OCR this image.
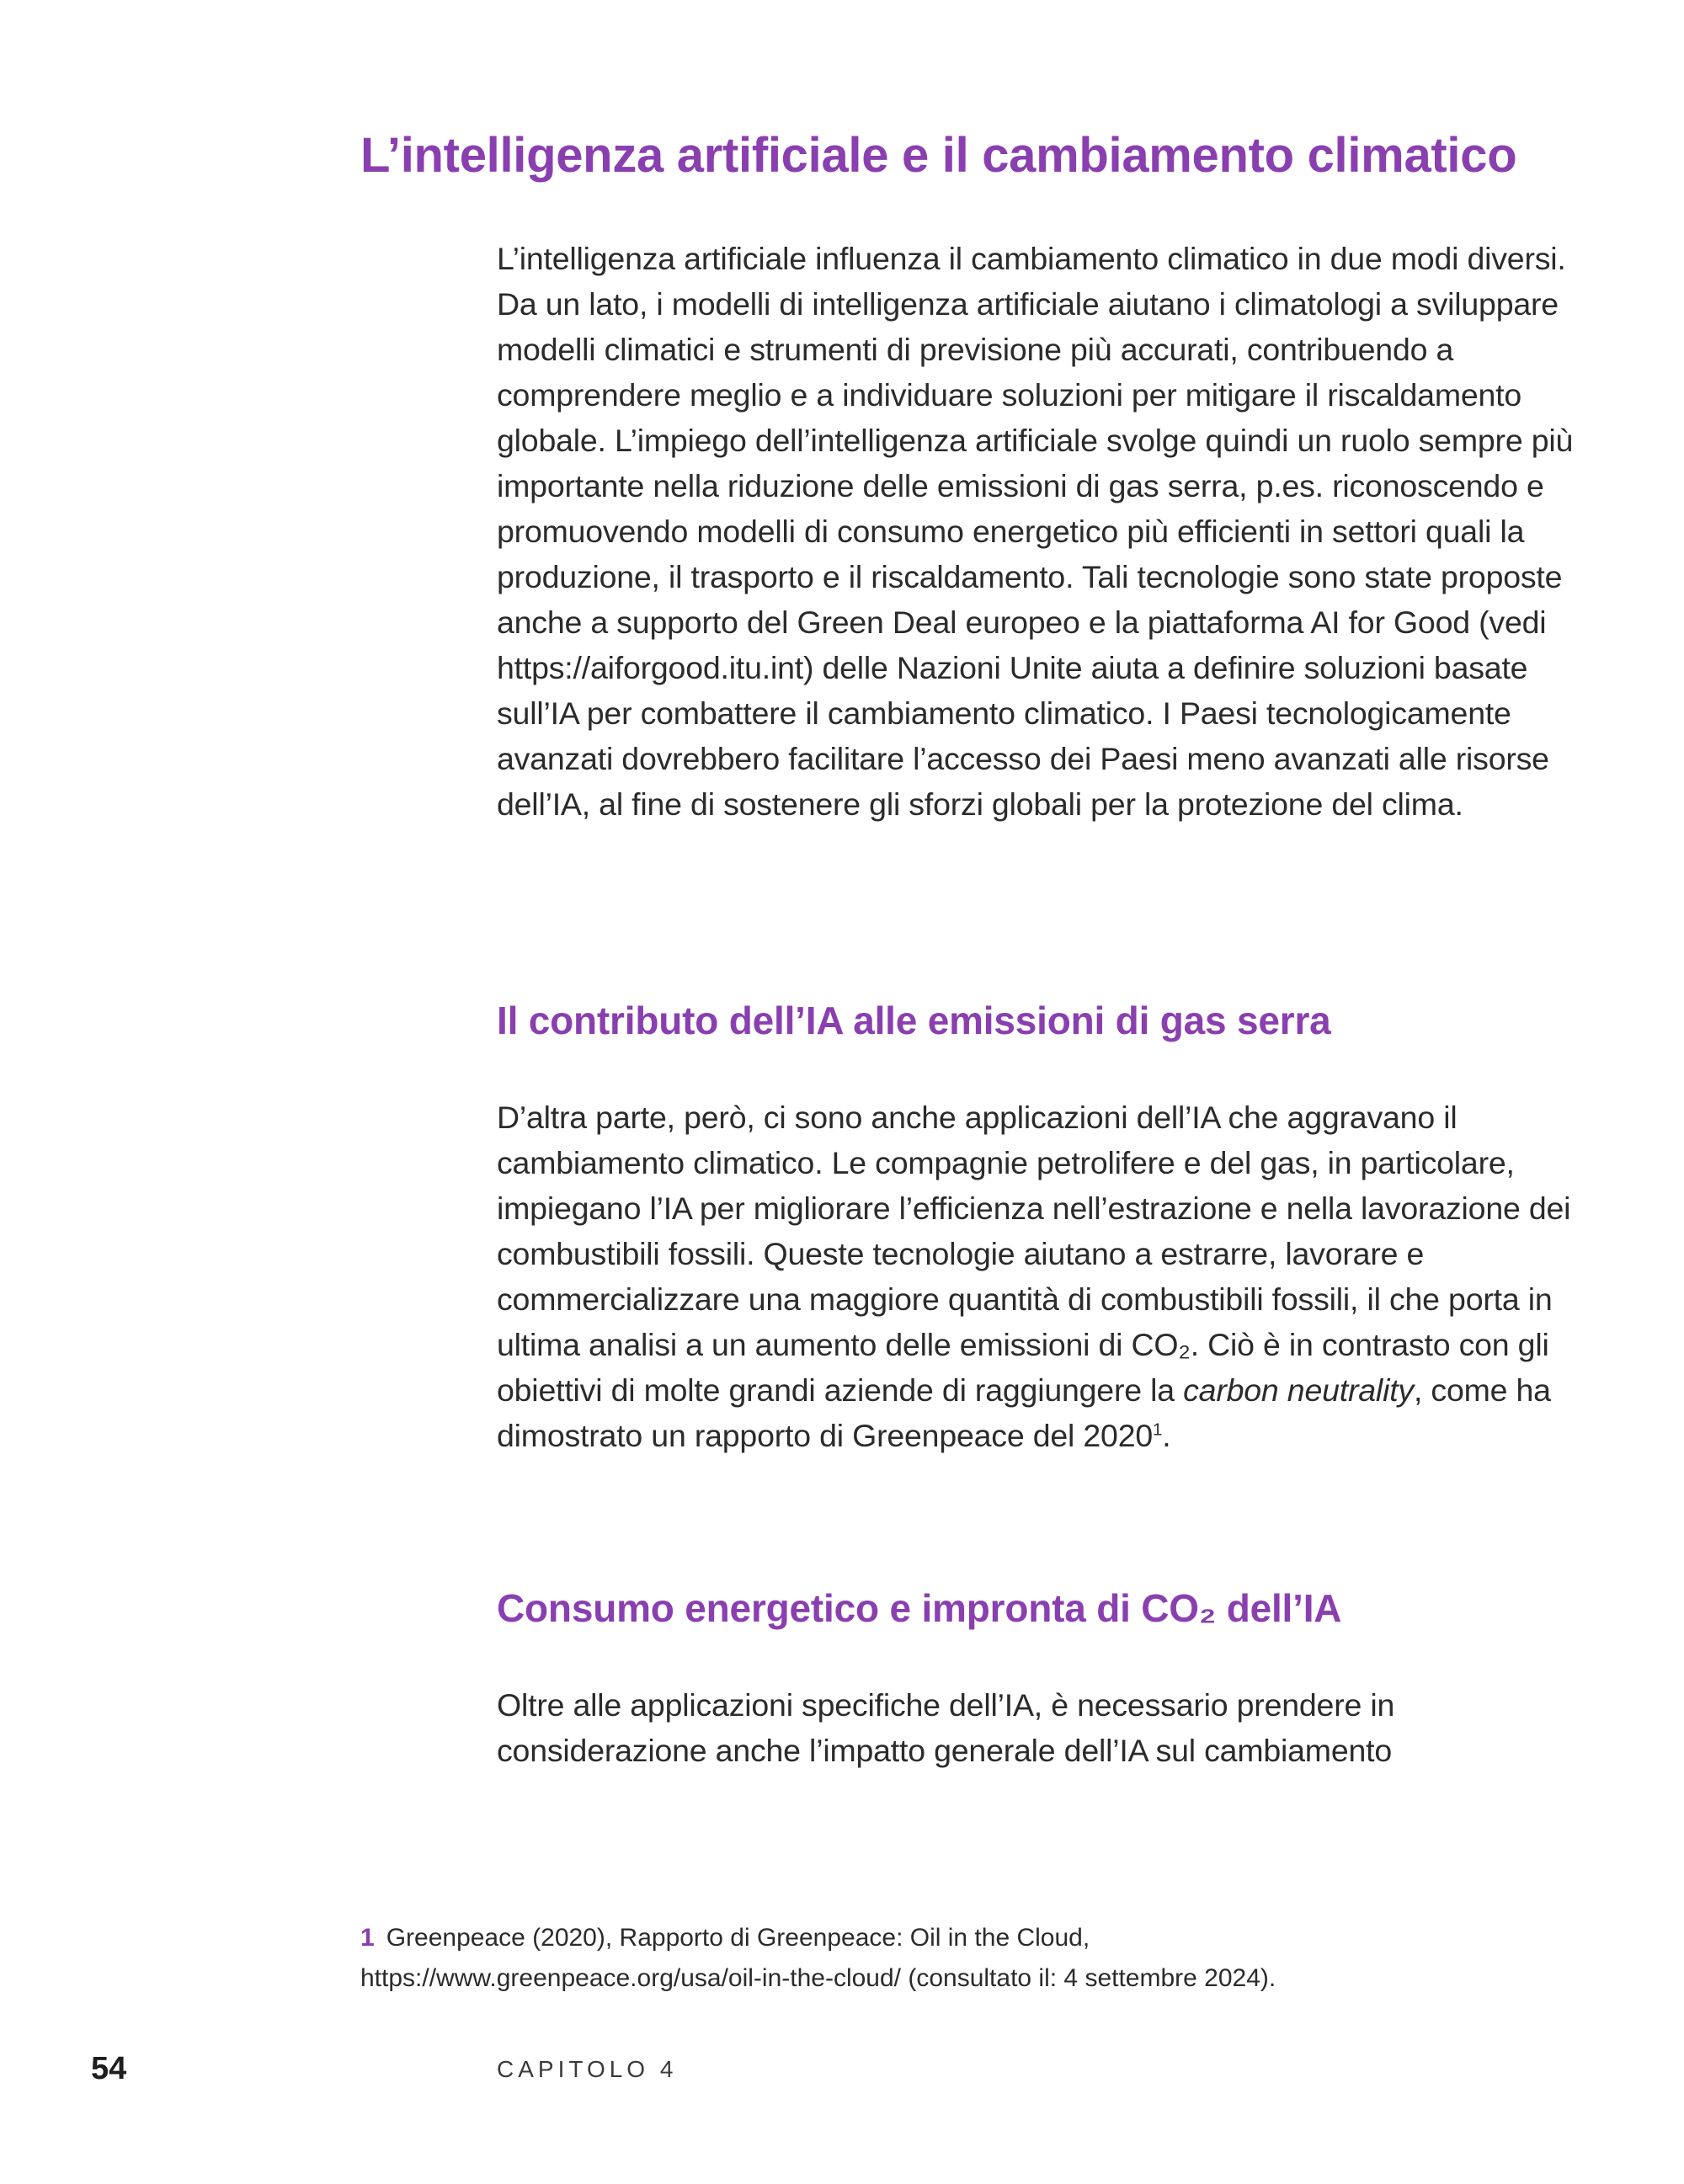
L’intelligenza artificiale e il cambiamento climatico

L’intelligenza artificiale influenza il cambiamento climatico in due modi diversi. Da un lato, i modelli di intelligenza artificiale aiutano i climatologi a sviluppare modelli climatici e strumenti di previsione più accurati, contribuendo a comprendere meglio e a individuare soluzioni per mitigare il riscaldamento globale. L’impiego dell’intelligenza artificiale svolge quindi un ruolo sempre più importante nella riduzione delle emissioni di gas serra, p.es. riconoscendo e promuovendo modelli di consumo energetico più efficienti in settori quali la produzione, il trasporto e il riscaldamento. Tali tecnologie sono state proposte anche a supporto del Green Deal europeo e la piattaforma AI for Good (vedi https://aiforgood.itu.int) delle Nazioni Unite aiuta a definire soluzioni basate sull’IA per combattere il cambiamento climatico. I Paesi tecnologicamente avanzati dovrebbero facilitare l’accesso dei Paesi meno avanzati alle risorse dell’IA, al fine di sostenere gli sforzi globali per la protezione del clima.

Il contributo dell’IA alle emissioni di gas serra

D’altra parte, però, ci sono anche applicazioni dell’IA che aggravano il cambiamento climatico. Le compagnie petrolifere e del gas, in particolare, impiegano l’IA per migliorare l’efficienza nell’estrazione e nella lavorazione dei combustibili fossili. Queste tecnologie aiutano a estrarre, lavorare e commercializzare una maggiore quantità di combustibili fossili, il che porta in ultima analisi a un aumento delle emissioni di CO₂. Ciò è in contrasto con gli obiettivi di molte grandi aziende di raggiungere la carbon neutrality, come ha dimostrato un rapporto di Greenpeace del 2020$^1$.

Consumo energetico e impronta di CO₂ dell’IA

Oltre alle applicazioni specifiche dell’IA, è necessario prendere in considerazione anche l’impatto generale dell’IA sul cambiamento

1 Greenpeace (2020), Rapporto di Greenpeace: Oil in the Cloud,
https://www.greenpeace.org/usa/oil-in-the-cloud/ (consultato il: 4 settembre 2024).
54	CAPITOLO 4
